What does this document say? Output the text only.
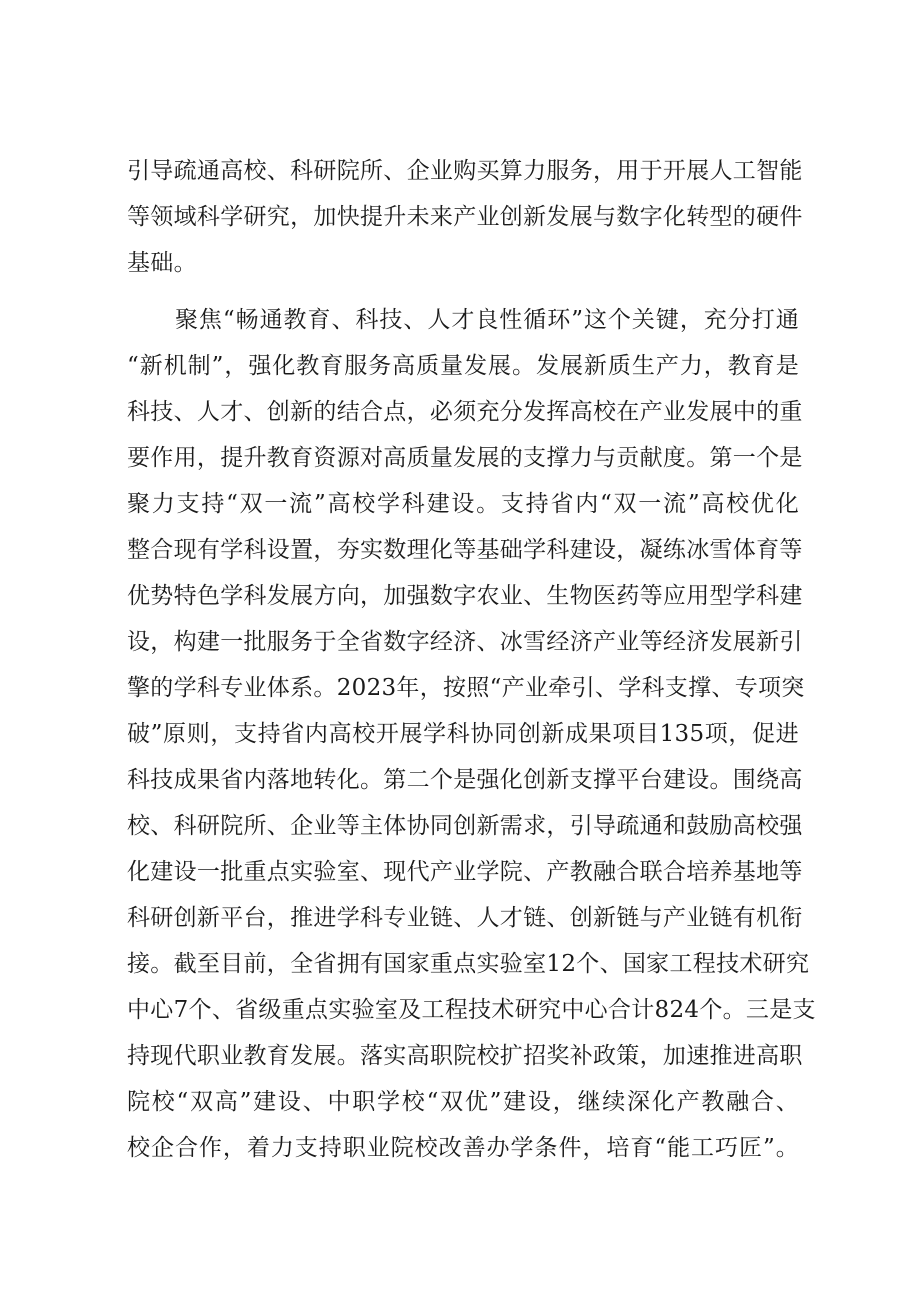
引导疏通高校、科研院所、企业购买算力服务，用于开展人工智能
等领域科学研究，加快提升未来产业创新发展与数字化转型的硬件
基础。
　　聚焦“畅通教育、科技、人才良性循环”这个关键，充分打通
“新机制”，强化教育服务高质量发展。发展新质生产力，教育是
科技、人才、创新的结合点，必须充分发挥高校在产业发展中的重
要作用，提升教育资源对高质量发展的支撑力与贡献度。第一个是
聚力支持“双一流”高校学科建设。支持省内“双一流”高校优化
整合现有学科设置，夯实数理化等基础学科建设，凝练冰雪体育等
优势特色学科发展方向，加强数字农业、生物医药等应用型学科建
设，构建一批服务于全省数字经济、冰雪经济产业等经济发展新引
擎的学科专业体系。2023年，按照“产业牵引、学科支撑、专项突
破”原则，支持省内高校开展学科协同创新成果项目135项，促进
科技成果省内落地转化。第二个是强化创新支撑平台建设。围绕高
校、科研院所、企业等主体协同创新需求，引导疏通和鼓励高校强
化建设一批重点实验室、现代产业学院、产教融合联合培养基地等
科研创新平台，推进学科专业链、人才链、创新链与产业链有机衔
接。截至目前，全省拥有国家重点实验室12个、国家工程技术研究
中心7个、省级重点实验室及工程技术研究中心合计824个。三是支
持现代职业教育发展。落实高职院校扩招奖补政策，加速推进高职
院校“双高”建设、中职学校“双优”建设，继续深化产教融合、
校企合作，着力支持职业院校改善办学条件，培育“能工巧匠”。
